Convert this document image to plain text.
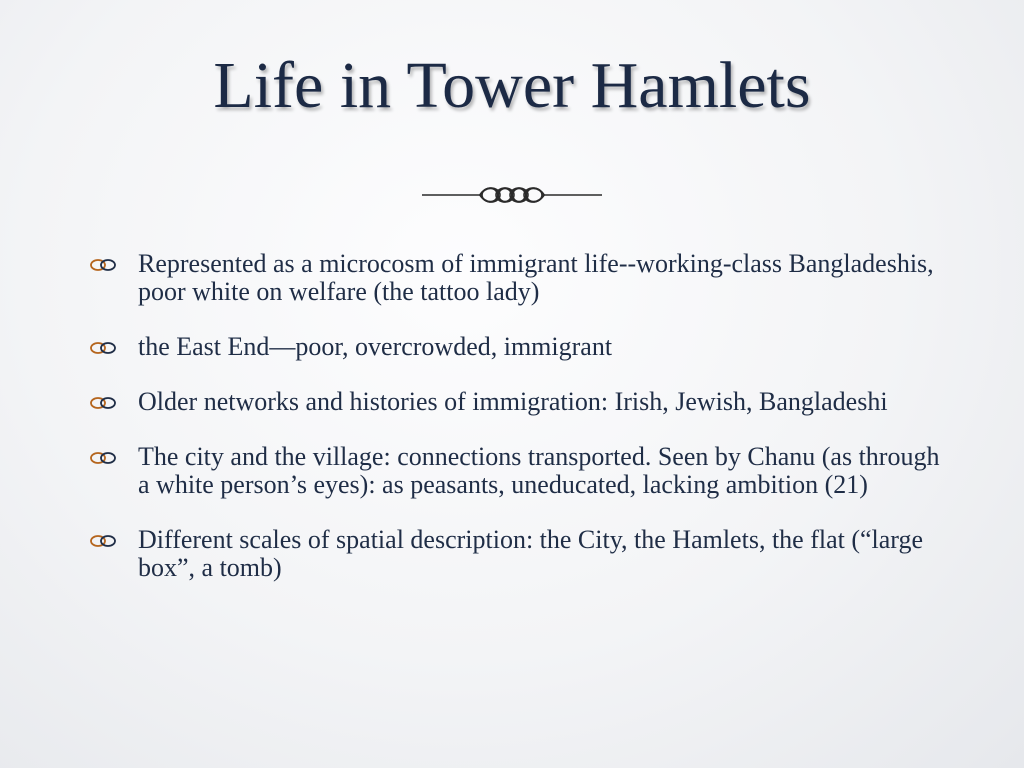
Life in Tower Hamlets
Represented as a microcosm of immigrant life--working-class Bangladeshis, poor white on welfare (the tattoo lady)
the East End—poor, overcrowded, immigrant
Older networks and histories of immigration: Irish, Jewish, Bangladeshi
The city and the village: connections transported. Seen by Chanu (as through a white person’s eyes): as peasants, uneducated, lacking ambition (21)
Different scales of spatial description: the City, the Hamlets, the flat (“large box”, a tomb)
